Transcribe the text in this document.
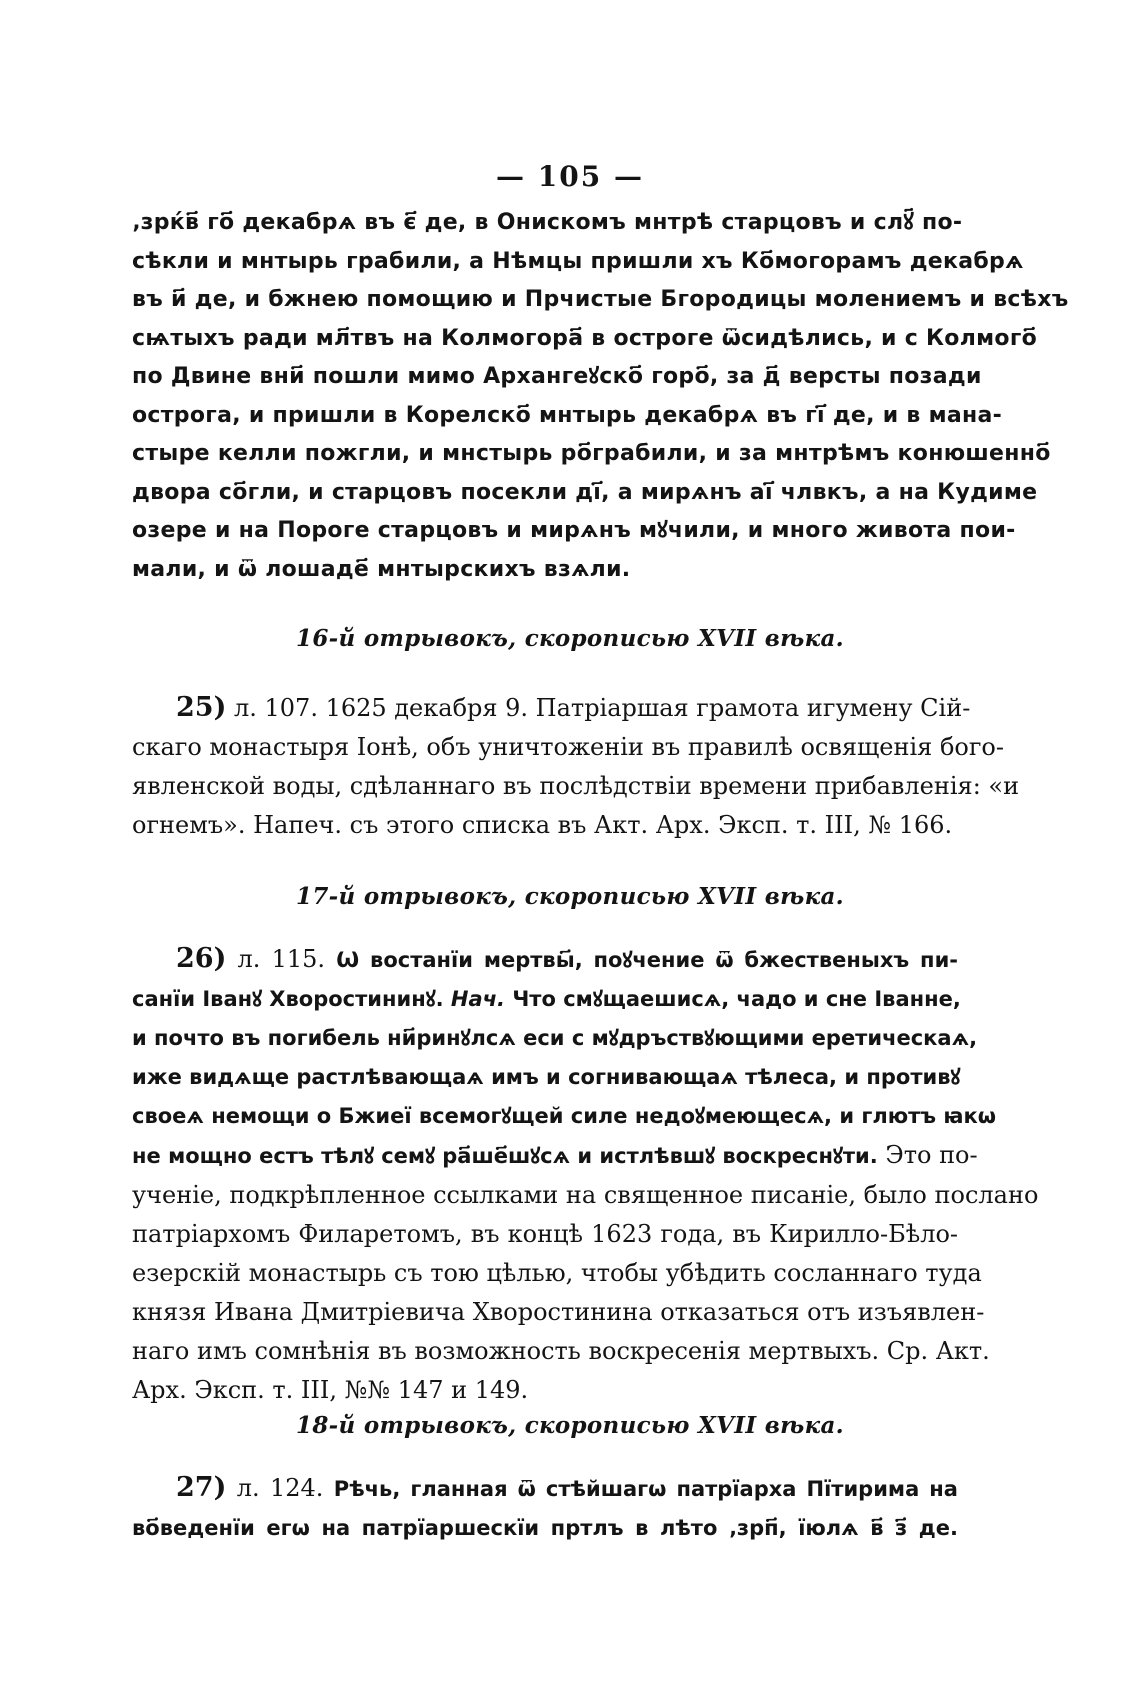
— 105 —
‚зрќв҃ го҃ декабрѧ въ є҃ де, в Онискомъ мнтрѣ старцовъ и слꙋ҃ по-
сѣкли и мнтырь грабили, а Нѣмцы пришли хъ Ко҃могорамъ декабрѧ
въ и҃ де, и бжнею помощию и Прчистые Бгородицы молениемъ и всѣхъ
сѩтыхъ ради мл҃твъ на Колмогора҃ в остроге ѿсидѣлись, и с Колмого҃
по Двине вни҃ пошли мимо Архангеꙋско҃ горо҃, за д҃ версты позади
острога, и пришли в Корелско҃ мнтырь декабрѧ въ гі҃ де, и в мана-
стыре келли пожгли, и мнстырь ро҃грабили, и за мнтрѣмъ конюшенно҃
двора со҃гли, и старцовъ посекли ді҃, а мирѧнъ аі҃ члвкъ, а на Кудиме
озере и на Пороге старцовъ и мирѧнъ мꙋчили, и много живота пои-
мали, и ѿ лошаде҃ мнтырскихъ взѧли.
16-й отрывокъ, скорописью XVII вѣка.
25) л. 107. 1625 декабря 9. Патріаршая грамота игумену Сій-
скаго монастыря Іонѣ, объ уничтоженіи въ правилѣ освященія бого-
явленской воды, сдѣланнаго въ послѣдствіи времени прибавленія: «и
огнемъ». Напеч. съ этого списка въ Акт. Арх. Эксп. т. III, № 166.
17-й отрывокъ, скорописью XVII вѣка.
26) л. 115. Ѡ востанїи мертвы҃, поꙋчение ѿ бжественыхъ пи-
санїи Іванꙋ Хворостининꙋ. Нач. Что смꙋщаешисѧ, чадо и сне Іванне,
и почто въ погибель ни҃ринꙋлсѧ еси с мꙋдръствꙋющими еретическаѧ,
иже видѧще растлѣвающаѧ имъ и согнивающаѧ тѣлеса, и противꙋ
своеѧ немощи о Бжиеї всемогꙋщей силе недоꙋмеющесѧ, и глютъ ꙗкѡ
не мощно естъ тѣлꙋ семꙋ ра҃ше҃шꙋсѧ и истлѣвшꙋ воскреснꙋти. Это по-
ученіе, подкрѣпленное ссылками на священное писаніе, было послано
патріархомъ Филаретомъ, въ концѣ 1623 года, въ Кирилло-Бѣло-
езерскій монастырь съ тою цѣлью, чтобы убѣдить сосланнаго туда
князя Ивана Дмитріевича Хворостинина отказаться отъ изъявлен-
наго имъ сомнѣнія въ возможность воскресенія мертвыхъ. Ср. Акт.
Арх. Эксп. т. III, №№ 147 и 149.
18-й отрывокъ, скорописью XVII вѣка.
27) л. 124. Рѣчь, гланная ѿ стѣйшагѡ патрїарха Пїтирима на
во҃веденїи егѡ на патрїаршескїи пртлъ в лѣто ‚зрп҃, їюлѧ в҃ з҃ де.
